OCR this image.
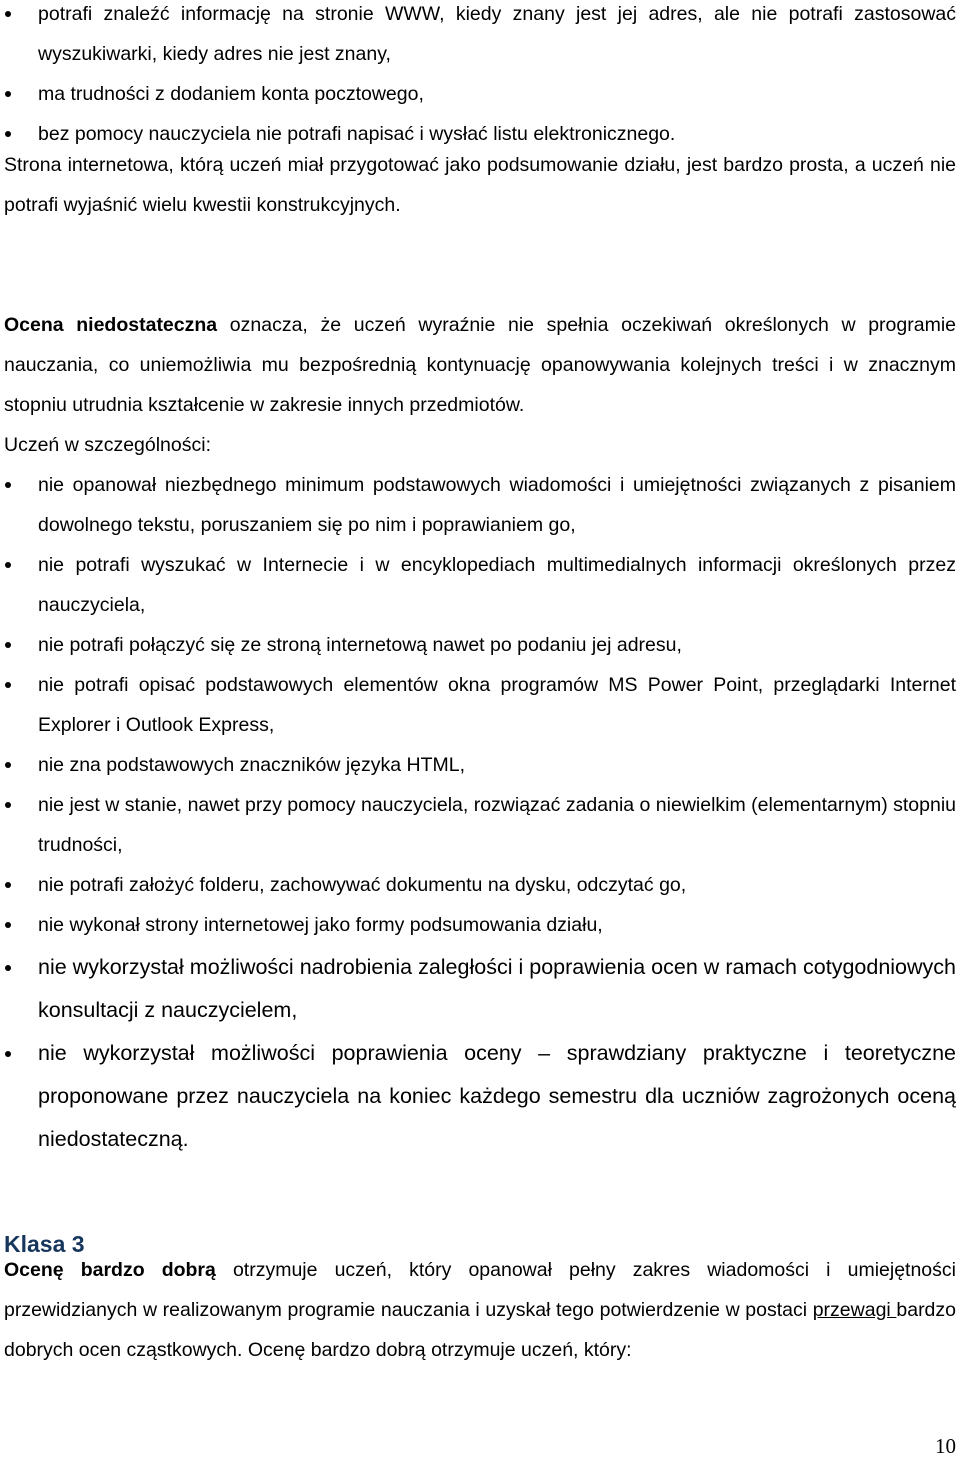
potrafi znaleźć informację na stronie WWW, kiedy znany jest jej adres, ale nie potrafi zastosować wyszukiwarki, kiedy adres nie jest znany,
ma trudności z dodaniem konta pocztowego,
bez pomocy nauczyciela nie potrafi napisać i wysłać listu elektronicznego.

Strona internetowa, którą uczeń miał przygotować jako podsumowanie działu, jest bardzo prosta, a uczeń nie potrafi wyjaśnić wielu kwestii konstrukcyjnych.

Ocena niedostateczna oznacza, że uczeń wyraźnie nie spełnia oczekiwań określonych w programie nauczania, co uniemożliwia mu bezpośrednią kontynuację opanowywania kolejnych treści i w znacznym stopniu utrudnia kształcenie w zakresie innych przedmiotów.

Uczeń w szczególności:

nie opanował niezbędnego minimum podstawowych wiadomości i umiejętności związanych z pisaniem dowolnego tekstu, poruszaniem się po nim i poprawianiem go,
nie potrafi wyszukać w Internecie i w encyklopediach multimedialnych informacji określonych przez nauczyciela,
nie potrafi połączyć się ze stroną internetową nawet po podaniu jej adresu,
nie potrafi opisać podstawowych elementów okna programów MS Power Point, przeglądarki Internet Explorer i Outlook Express,
nie zna podstawowych znaczników języka HTML,
nie jest w stanie, nawet przy pomocy nauczyciela, rozwiązać zadania o niewielkim (elementarnym) stopniu trudności,
nie potrafi założyć folderu, zachowywać dokumentu na dysku, odczytać go,
nie wykonał strony internetowej jako formy podsumowania działu,
nie wykorzystał możliwości nadrobienia zaległości i poprawienia ocen w ramach cotygodniowych konsultacji z nauczycielem,
nie wykorzystał możliwości poprawienia oceny – sprawdziany praktyczne i teoretyczne proponowane przez nauczyciela na koniec każdego semestru dla uczniów zagrożonych oceną niedostateczną.
Klasa 3

Ocenę bardzo dobrą otrzymuje uczeń, który opanował pełny zakres wiadomości i umiejętności przewidzianych w realizowanym programie nauczania i uzyskał tego potwierdzenie w postaci przewagi bardzo dobrych ocen cząstkowych. Ocenę bardzo dobrą otrzymuje uczeń, który:

10
